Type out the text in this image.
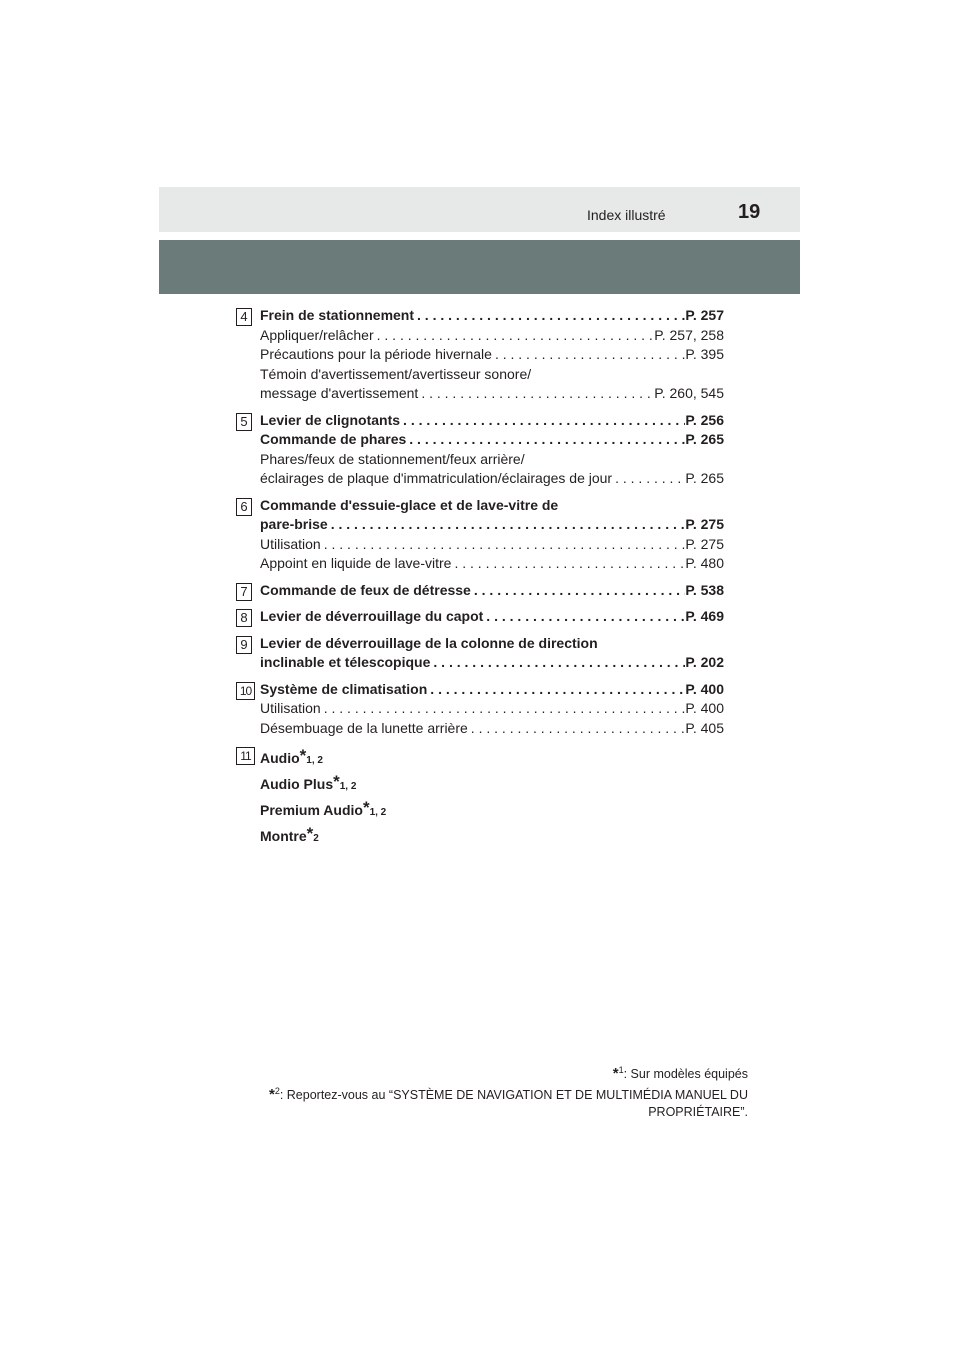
Index illustré	19
4 Frein de stationnement . . .	P. 257
Appliquer/relâcher . . .	P. 257, 258
Précautions pour la période hivernale . . .	P. 395
Témoin d'avertissement/avertisseur sonore/
message d'avertissement . . .	P. 260, 545
5 Levier de clignotants . . .	P. 256
Commande de phares . . .	P. 265
Phares/feux de stationnement/feux arrière/
éclairages de plaque d'immatriculation/éclairages de jour . . .	P. 265
6 Commande d'essuie-glace et de lave-vitre de
pare-brise . . .	P. 275
Utilisation . . .	P. 275
Appoint en liquide de lave-vitre . . .	P. 480
7 Commande de feux de détresse . . .	P. 538
8 Levier de déverrouillage du capot . . .	P. 469
9 Levier de déverrouillage de la colonne de direction
inclinable et télescopique . . .	P. 202
10 Système de climatisation . . .	P. 400
Utilisation . . .	P. 400
Désembuage de la lunette arrière . . .	P. 405
11 Audio *1, 2
Audio Plus *1, 2
Premium Audio *1, 2
Montre *2
*$^1$: Sur modèles équipés
*$^2$: Reportez-vous au “SYSTÈME DE NAVIGATION ET DE MULTIMÉDIA MANUEL DU
PROPRIÉTAIRE”.
